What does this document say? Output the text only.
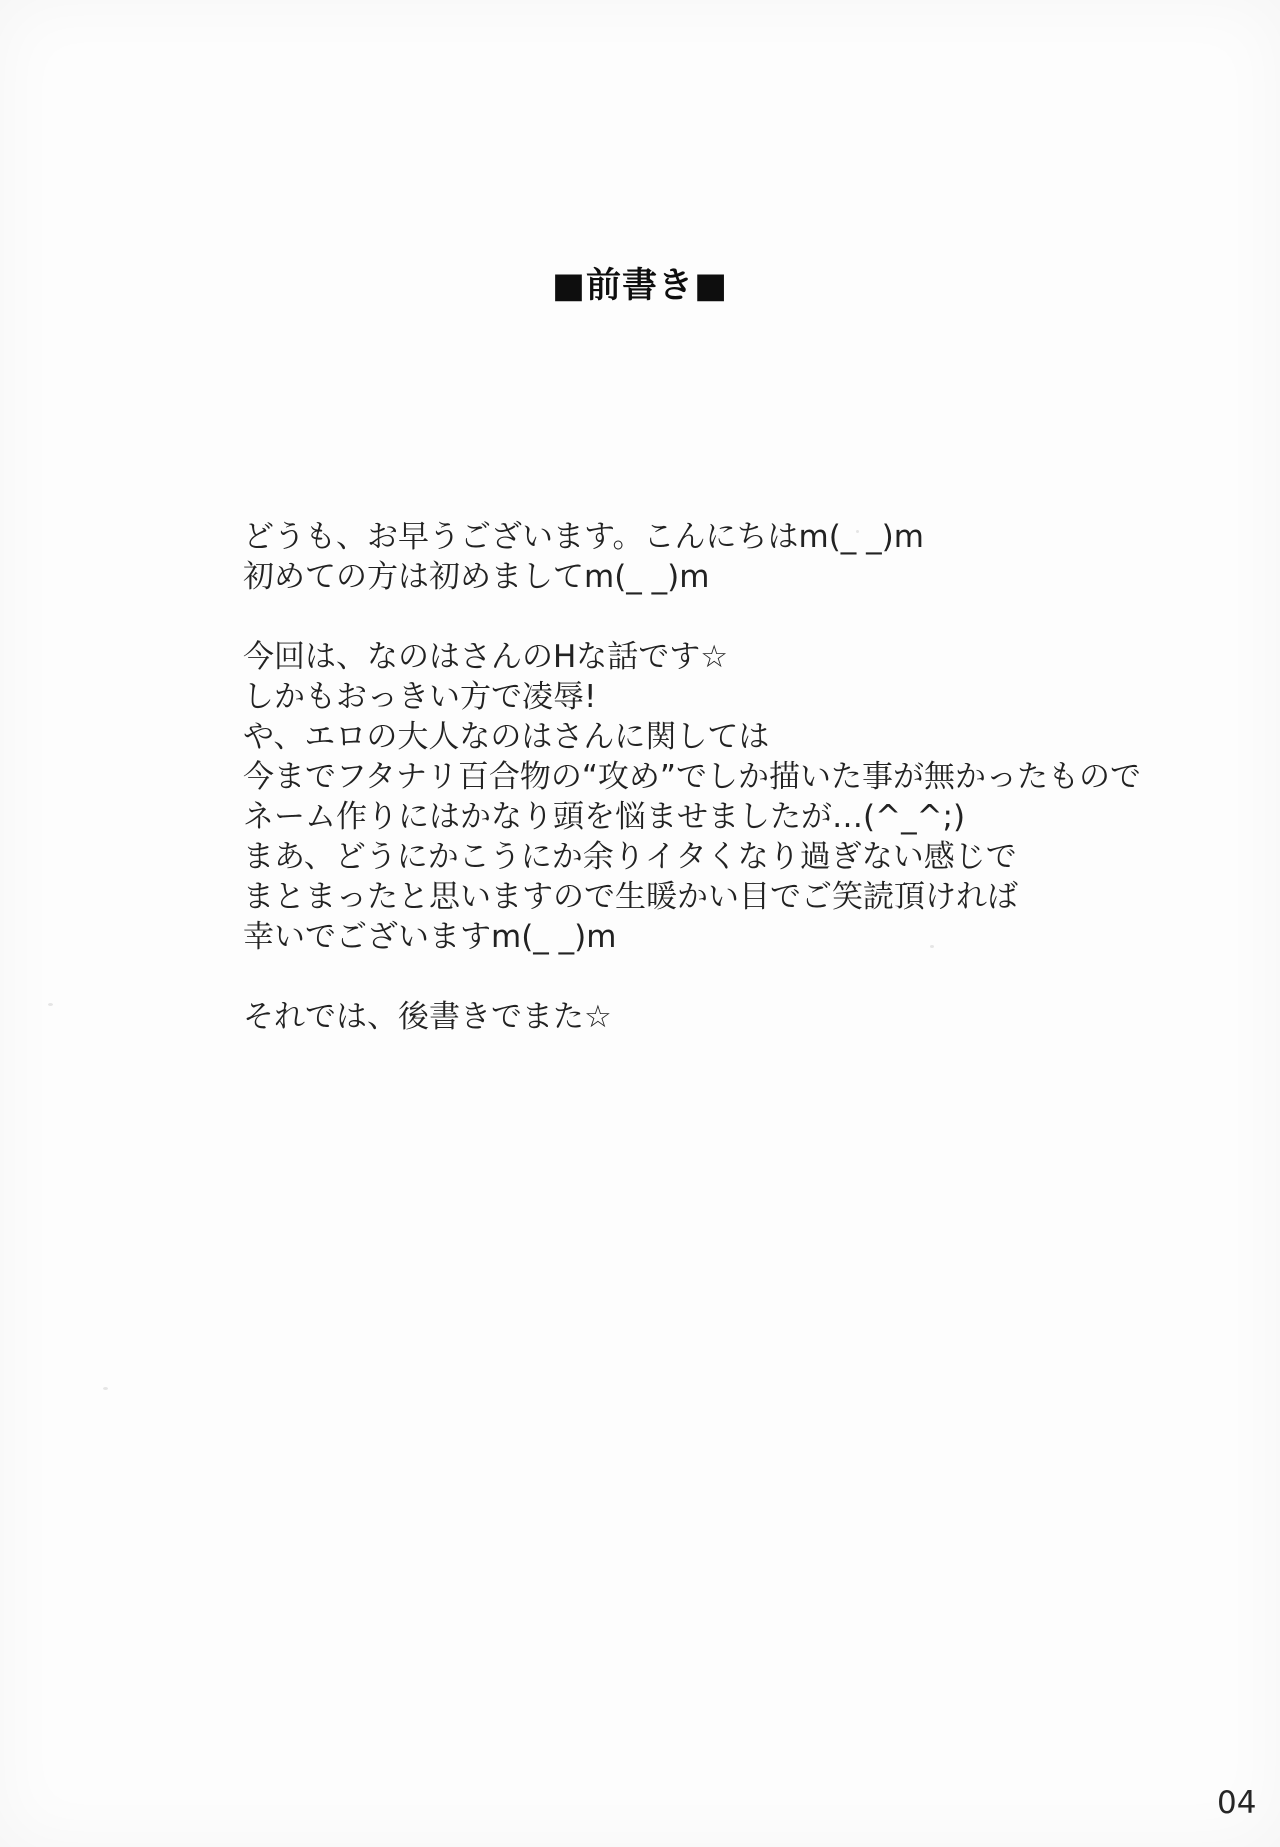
■前書き■

どうも、お早うございます。こんにちはm(_ _)m
初めての方は初めましてm(_ _)m

今回は、なのはさんのHな話です☆
しかもおっきい方で凌辱!
や、エロの大人なのはさんに関しては
今までフタナリ百合物の“攻め”でしか描いた事が無かったもので
ネーム作りにはかなり頭を悩ませましたが…(^_^;)
まあ、どうにかこうにか余りイタくなり過ぎない感じで
まとまったと思いますので生暖かい目でご笑読頂ければ
幸いでございますm(_ _)m

それでは、後書きでまた☆

04
